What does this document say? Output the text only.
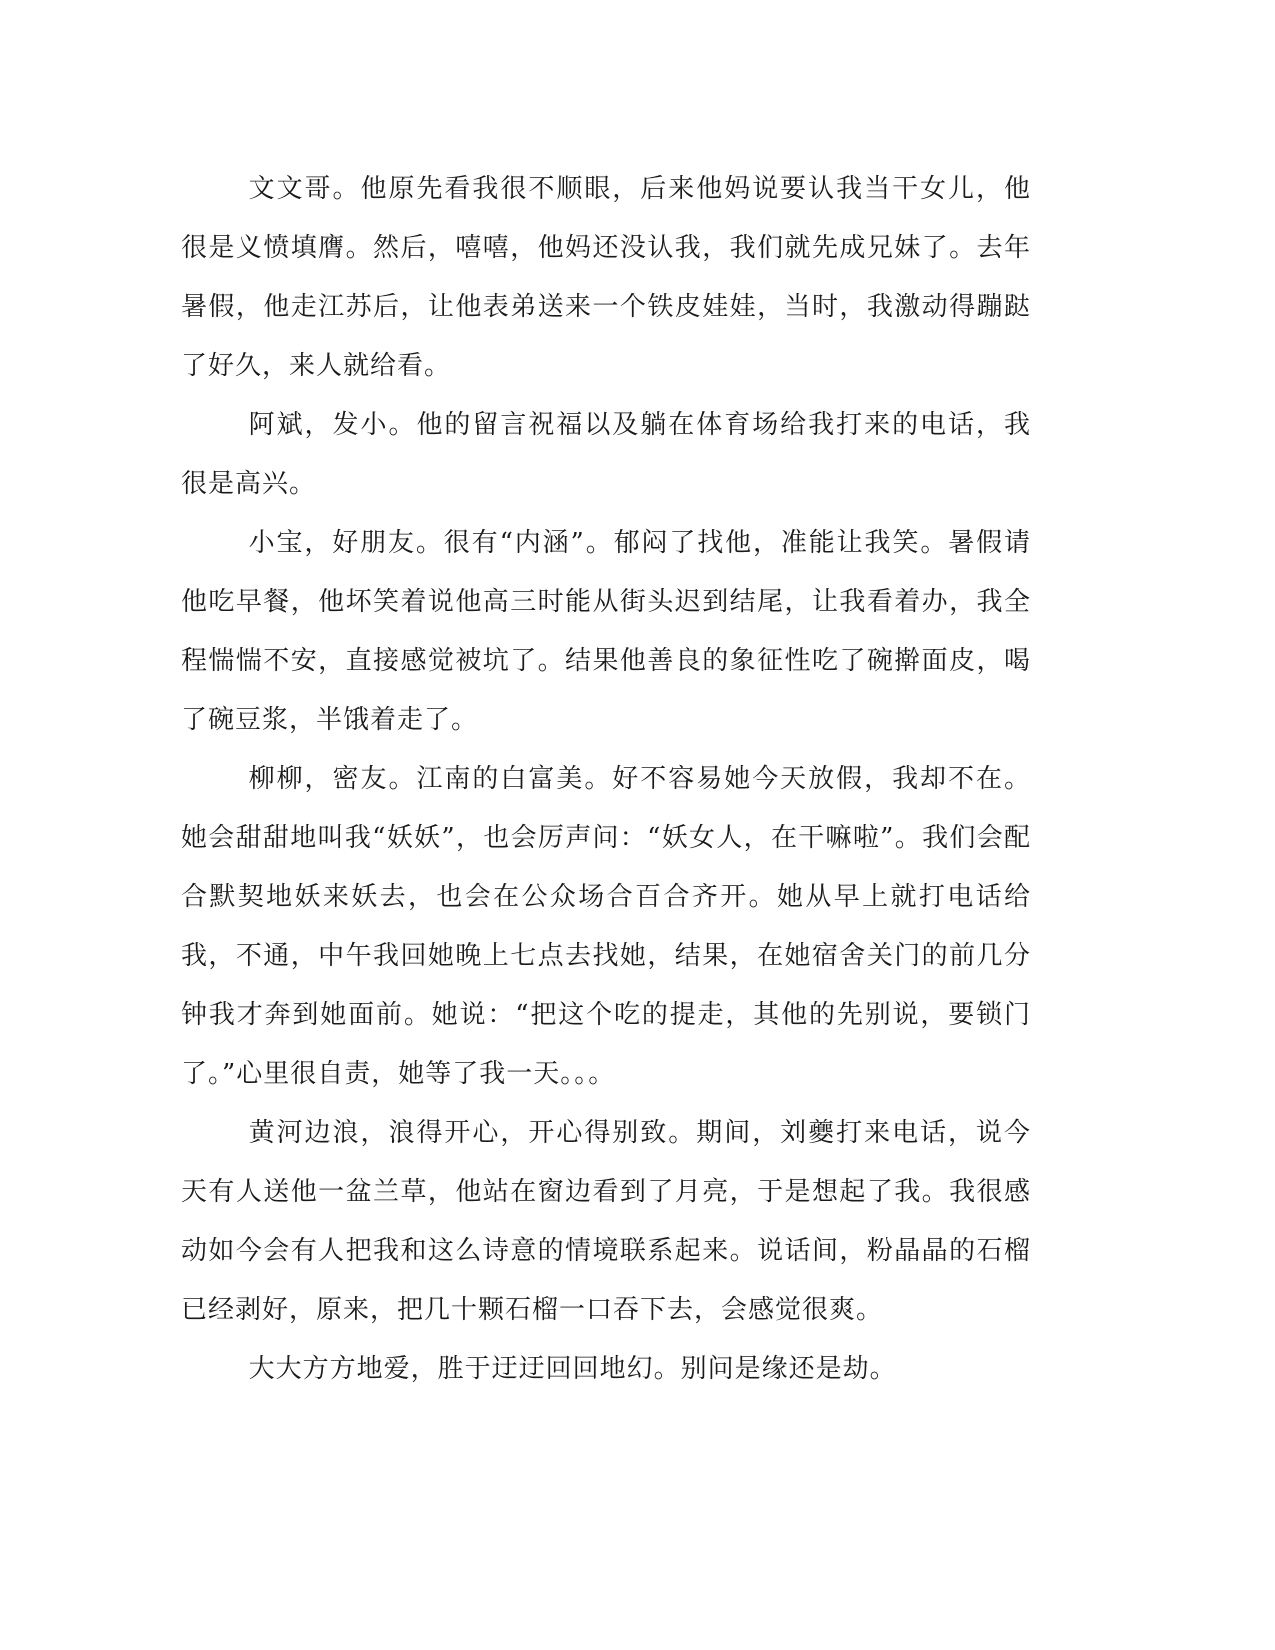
文文哥。他原先看我很不顺眼，后来他妈说要认我当干女儿，他很是义愤填膺。然后，嘻嘻，他妈还没认我，我们就先成兄妹了。去年暑假，他走江苏后，让他表弟送来一个铁皮娃娃，当时，我激动得蹦跶了好久，来人就给看。

阿斌，发小。他的留言祝福以及躺在体育场给我打来的电话，我很是高兴。

小宝，好朋友。很有“内涵”。郁闷了找他，准能让我笑。暑假请他吃早餐，他坏笑着说他高三时能从街头迟到结尾，让我看着办，我全程惴惴不安，直接感觉被坑了。结果他善良的象征性吃了碗擀面皮，喝了碗豆浆，半饿着走了。

柳柳，密友。江南的白富美。好不容易她今天放假，我却不在。她会甜甜地叫我“妖妖”，也会厉声问：“妖女人，在干嘛啦”。我们会配合默契地妖来妖去，也会在公众场合百合齐开。她从早上就打电话给我，不通，中午我回她晚上七点去找她，结果，在她宿舍关门的前几分钟我才奔到她面前。她说：“把这个吃的提走，其他的先别说，要锁门了。”心里很自责，她等了我一天。。。

黄河边浪，浪得开心，开心得别致。期间，刘夔打来电话，说今天有人送他一盆兰草，他站在窗边看到了月亮，于是想起了我。我很感动如今会有人把我和这么诗意的情境联系起来。说话间，粉晶晶的石榴已经剥好，原来，把几十颗石榴一口吞下去，会感觉很爽。

大大方方地爱，胜于迂迂回回地幻。别问是缘还是劫。
